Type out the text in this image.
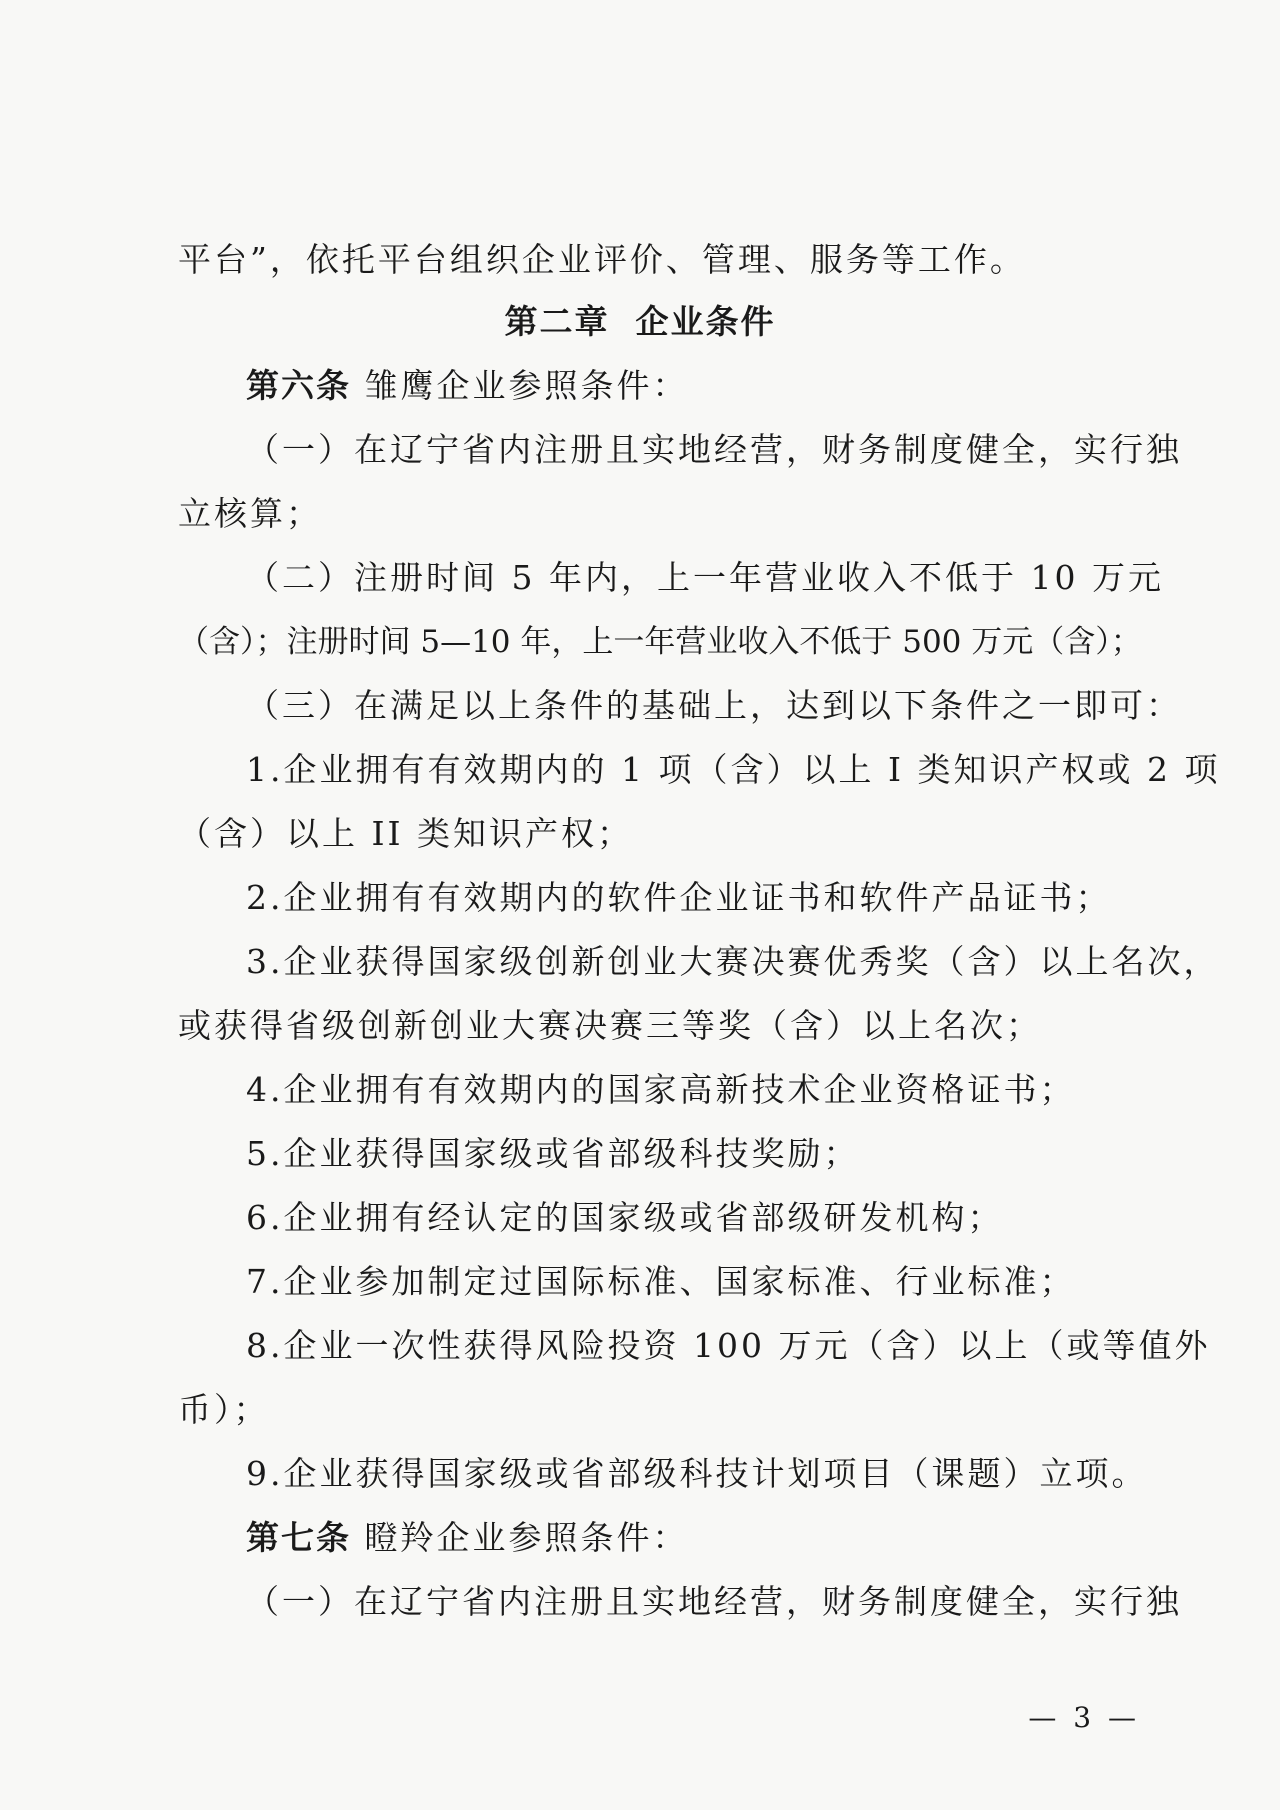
平台”，依托平台组织企业评价、管理、服务等工作。
第二章 企业条件
第六条 雏鹰企业参照条件：
（一）在辽宁省内注册且实地经营，财务制度健全，实行独
立核算；
（二）注册时间 5 年内，上一年营业收入不低于 10 万元
（含）；注册时间 5—10 年，上一年营业收入不低于 500 万元（含）；
（三）在满足以上条件的基础上，达到以下条件之一即可：
1.企业拥有有效期内的 1 项（含）以上 I 类知识产权或 2 项
（含）以上 II 类知识产权；
2.企业拥有有效期内的软件企业证书和软件产品证书；
3.企业获得国家级创新创业大赛决赛优秀奖（含）以上名次，
或获得省级创新创业大赛决赛三等奖（含）以上名次；
4.企业拥有有效期内的国家高新技术企业资格证书；
5.企业获得国家级或省部级科技奖励；
6.企业拥有经认定的国家级或省部级研发机构；
7.企业参加制定过国际标准、国家标准、行业标准；
8.企业一次性获得风险投资 100 万元（含）以上（或等值外
币）；
9.企业获得国家级或省部级科技计划项目（课题）立项。
第七条 瞪羚企业参照条件：
（一）在辽宁省内注册且实地经营，财务制度健全，实行独
— 3 —
